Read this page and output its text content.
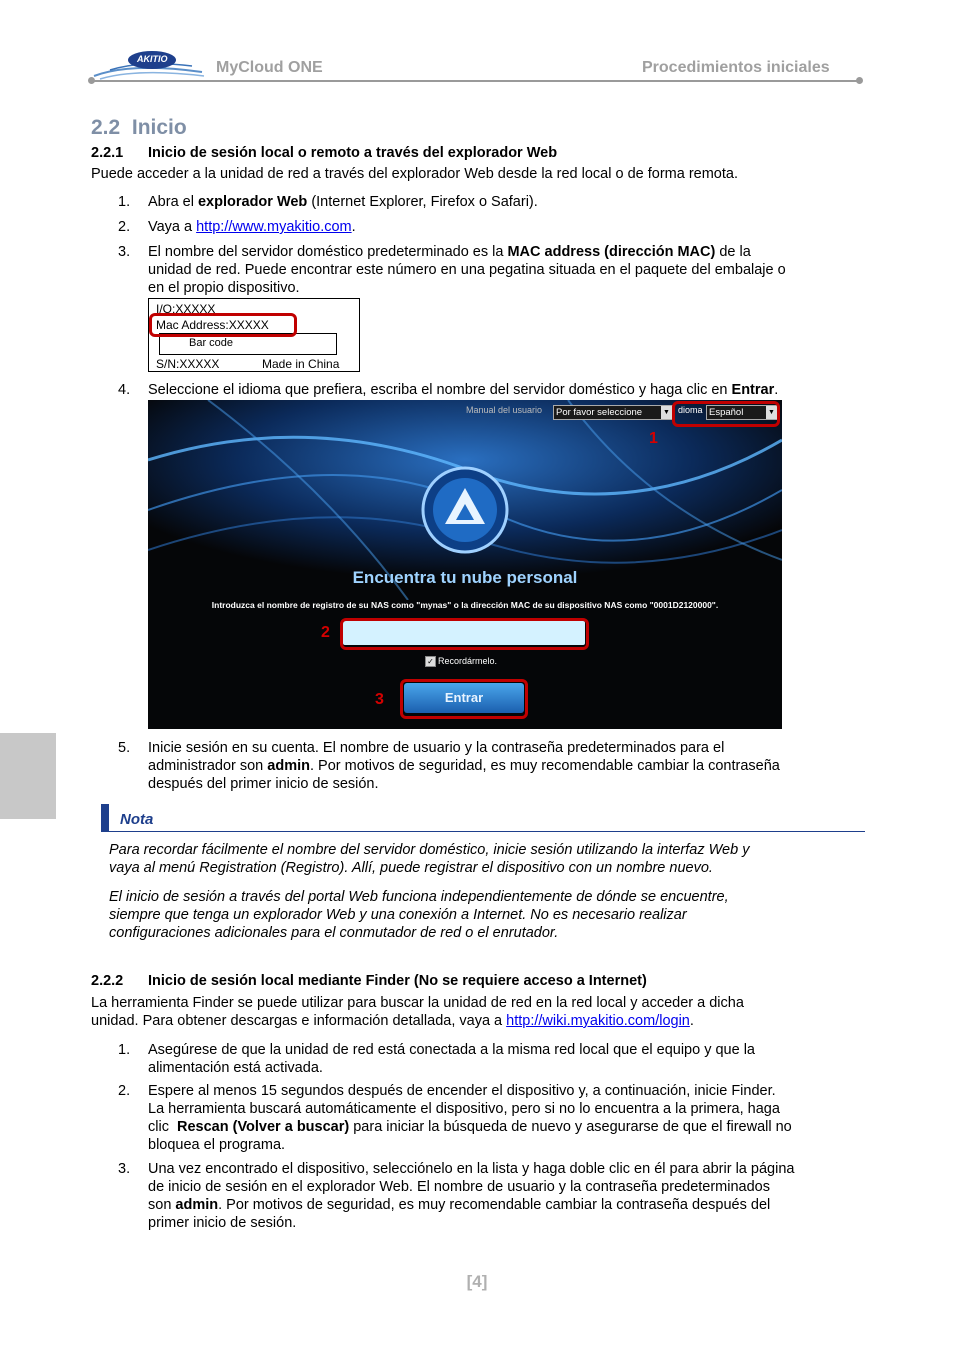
AKITIO	MyCloud ONE	Procedimientos iniciales
2.2  Inicio
2.2.1 Inicio de sesión local o remoto a través del explorador Web
Puede acceder a la unidad de red a través del explorador Web desde la red local o de forma remota.
1.	Abra el explorador Web (Internet Explorer, Firefox o Safari).
2.	Vaya a http://www.myakitio.com.
3.	El nombre del servidor doméstico predeterminado es la MAC address (dirección MAC) de la
unidad de red. Puede encontrar este número en una pegatina situada en el paquete del embalaje o
en el propio dispositivo.
I/O:XXXXX
Mac Address:XXXXX
Bar code
S/N:XXXXX	Made in China
4.	Seleccione el idioma que prefiera, escriba el nombre del servidor doméstico y haga clic en Entrar.
Manual del usuario	Por favor seleccione	▼ dioma Español	▼
Encuentra tu nube personal
Introduzca el nombre de registro de su NAS como "mynas" o la dirección MAC de su dispositivo NAS como "0001D2120000".
✓ Recordármelo.
Entrar
1
2
3
5.	Inicie sesión en su cuenta. El nombre de usuario y la contraseña predeterminados para el
administrador son admin. Por motivos de seguridad, es muy recomendable cambiar la contraseña
después del primer inicio de sesión.
Nota
Para recordar fácilmente el nombre del servidor doméstico, inicie sesión utilizando la interfaz Web y
vaya al menú Registration (Registro). Allí, puede registrar el dispositivo con un nombre nuevo.
El inicio de sesión a través del portal Web funciona independientemente de dónde se encuentre,
siempre que tenga un explorador Web y una conexión a Internet. No es necesario realizar
configuraciones adicionales para el conmutador de red o el enrutador.
2.2.2 Inicio de sesión local mediante Finder (No se requiere acceso a Internet)
La herramienta Finder se puede utilizar para buscar la unidad de red en la red local y acceder a dicha
unidad. Para obtener descargas e información detallada, vaya a http://wiki.myakitio.com/login.
1.	Asegúrese de que la unidad de red está conectada a la misma red local que el equipo y que la
alimentación está activada.
2.	Espere al menos 15 segundos después de encender el dispositivo y, a continuación, inicie Finder.
La herramienta buscará automáticamente el dispositivo, pero si no lo encuentra a la primera, haga
clic  Rescan (Volver a buscar) para iniciar la búsqueda de nuevo y asegurarse de que el firewall no
bloquea el programa.
3.	Una vez encontrado el dispositivo, selecciónelo en la lista y haga doble clic en él para abrir la página
de inicio de sesión en el explorador Web. El nombre de usuario y la contraseña predeterminados
son admin. Por motivos de seguridad, es muy recomendable cambiar la contraseña después del
primer inicio de sesión.
[4]
